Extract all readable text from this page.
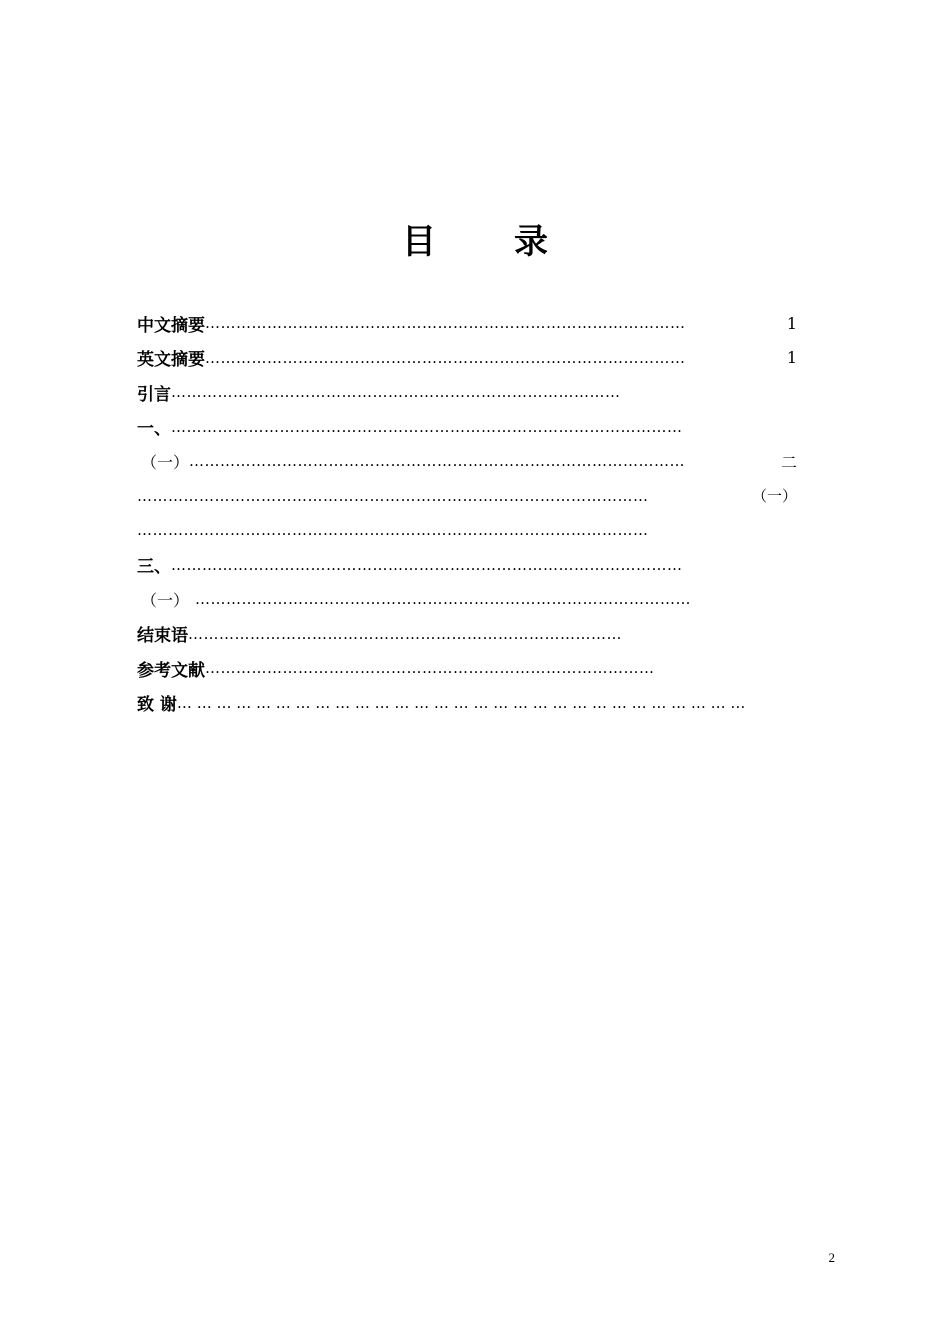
目 录
中文摘要 …………………………………………………………………………………	1
英文摘要 …………………………………………………………………………………	1
引言 ……………………………………………………………………………
一、 ………………………………………………………………………………………
（一） ……………………………………………………………………………………	二
………………………………………………………………………………………	（一）
………………………………………………………………………………………
三、 ………………………………………………………………………………………
（一） ……………………………………………………………………………………
结束语 …………………………………………………………………………
参考文献 ……………………………………………………………………………
致 谢 … … … … … … … … … … … … … … … … … … … … … … … … … … … … …
2
